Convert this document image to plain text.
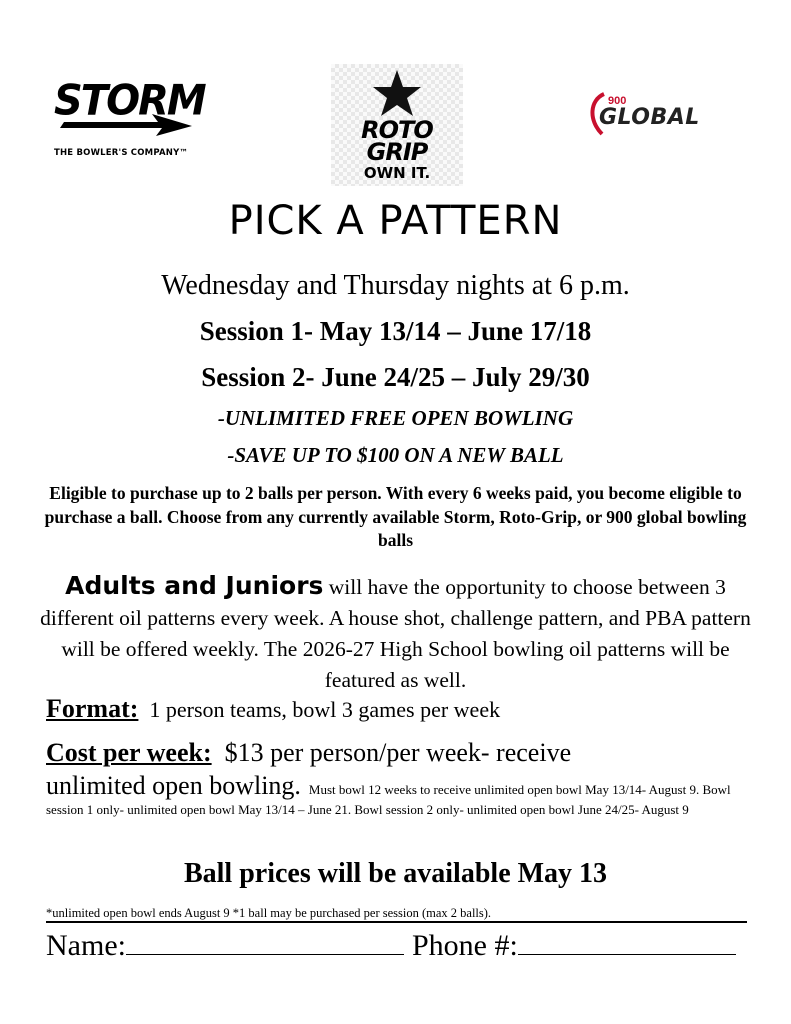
STORM
THE BOWLER'S COMPANY™
ROTO
GRIP
OWN IT.
900
GLOBAL
PICK A PATTERN
Wednesday and Thursday nights at 6 p.m.
Session 1- May 13/14 – June 17/18
Session 2- June 24/25 – July 29/30
-UNLIMITED FREE OPEN BOWLING
-SAVE UP TO $100 ON A NEW BALL
Eligible to purchase up to 2 balls per person. With every 6 weeks paid, you become eligible to purchase a ball. Choose from any currently available Storm, Roto-Grip, or 900 global bowling balls
Adults and Juniors will have the opportunity to choose between 3 different oil patterns every week. A house shot, challenge pattern, and PBA pattern will be offered weekly. The 2026-27 High School bowling oil patterns will be featured as well.
Format: 1 person teams, bowl 3 games per week
Cost per week: $13 per person/per week- receive
unlimited open bowling. Must bowl 12 weeks to receive unlimited open bowl May 13/14- August 9. Bowl session 1 only- unlimited open bowl May 13/14 – June 21. Bowl session 2 only- unlimited open bowl June 24/25- August 9
Ball prices will be available May 13
*unlimited open bowl ends August 9 *1 ball may be purchased per session (max 2 balls).
Name:	Phone #:
